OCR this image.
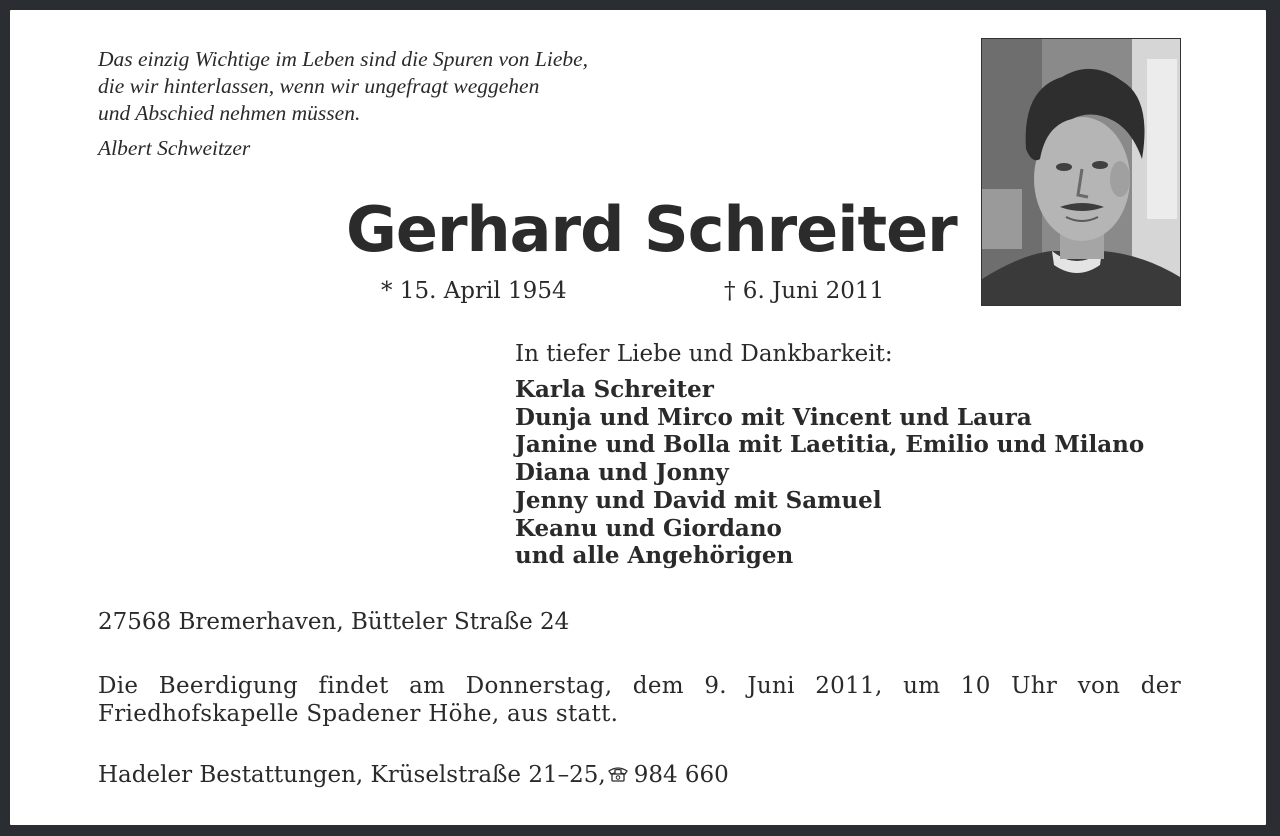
Das einzig Wichtige im Leben sind die Spuren von Liebe,
die wir hinterlassen, wenn wir ungefragt weggehen
und Abschied nehmen müssen.
Albert Schweitzer
Gerhard Schreiter
* 15. April 1954	† 6. Juni 2011
In tiefer Liebe und Dankbarkeit:
Karla Schreiter
Dunja und Mirco mit Vincent und Laura
Janine und Bolla mit Laetitia, Emilio und Milano
Diana und Jonny
Jenny und David mit Samuel
Keanu und Giordano
und alle Angehörigen
27568 Bremerhaven, Bütteler Straße 24
Die Beerdigung findet am Donnerstag, dem 9. Juni 2011, um 10 Uhr von der
Friedhofskapelle Spadener Höhe, aus statt.
Hadeler Bestattungen, Krüselstraße 21–25, 984 660
